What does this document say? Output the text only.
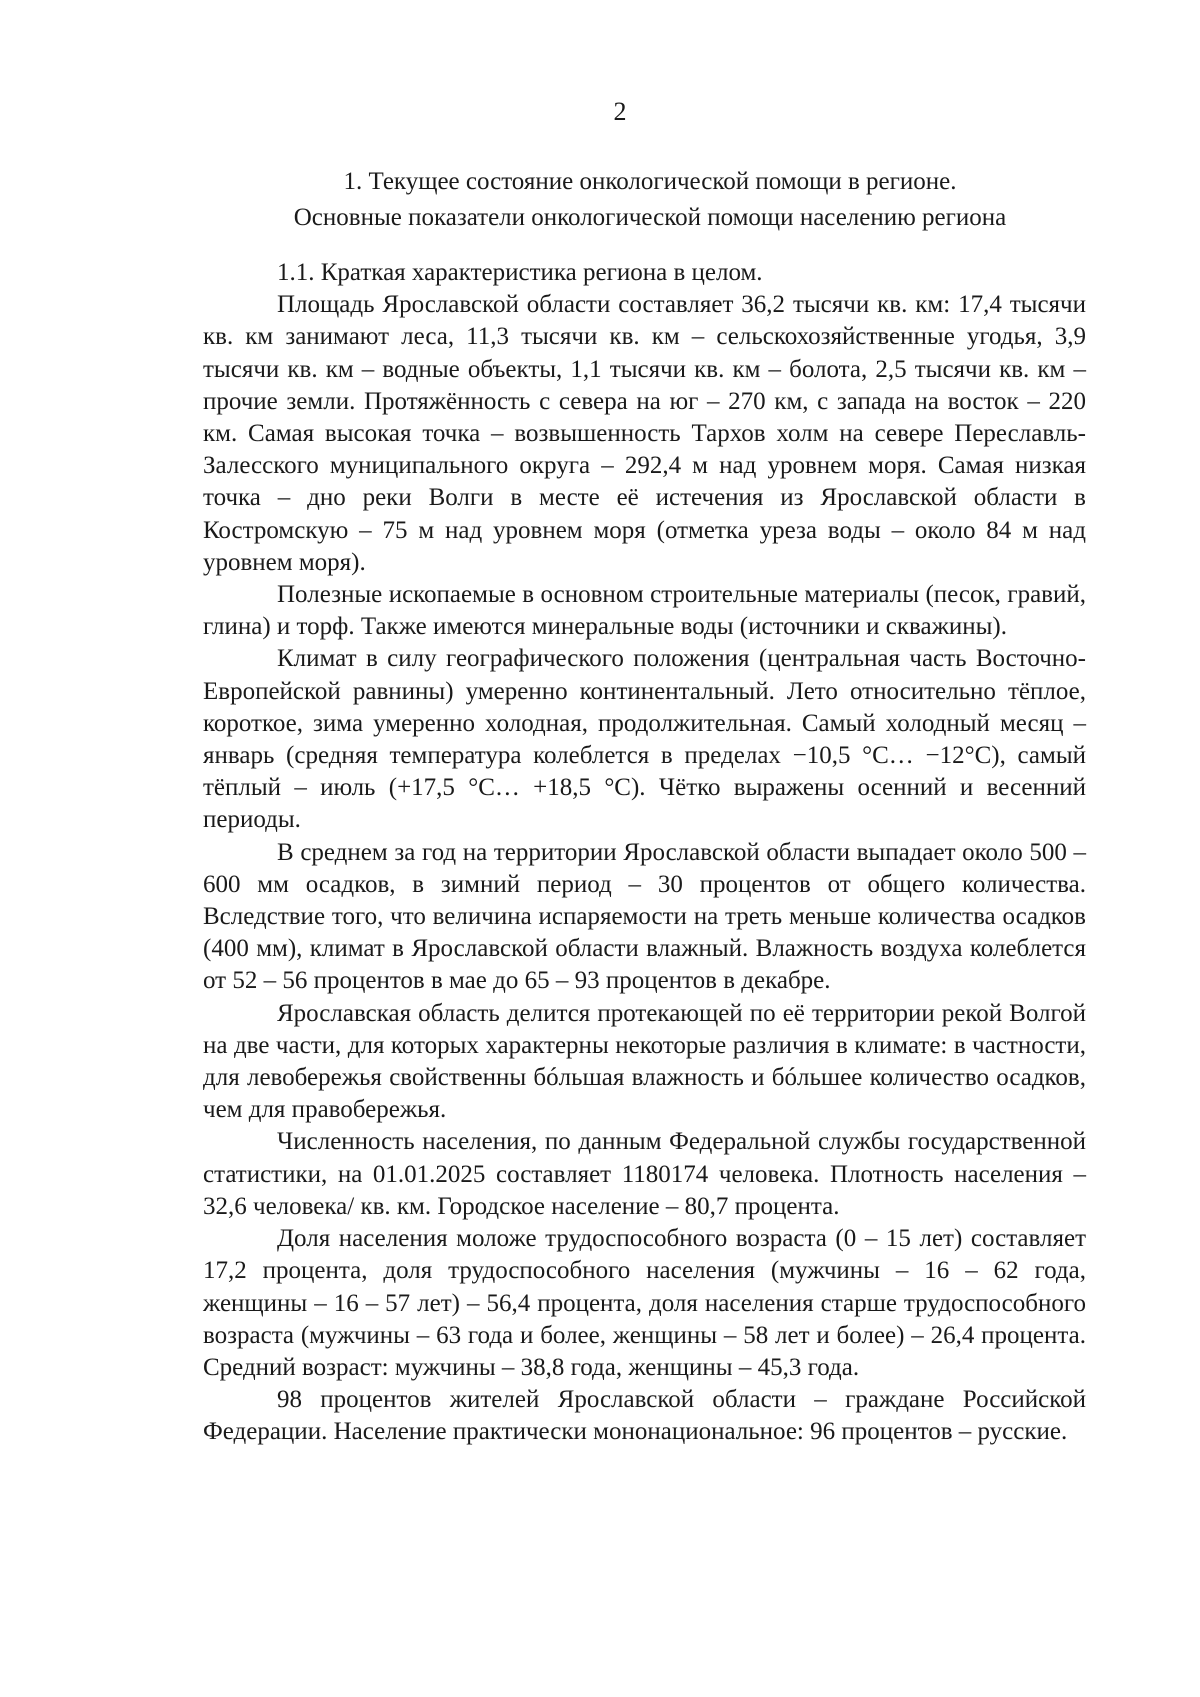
2
1. Текущее состояние онкологической помощи в регионе.
Основные показатели онкологической помощи населению региона

1.1. Краткая характеристика региона в целом.

Площадь Ярославской области составляет 36,2 тысячи кв. км: 17,4 тысячи кв. км занимают леса, 11,3 тысячи кв. км – сельскохозяйственные угодья, 3,9 тысячи кв. км – водные объекты, 1,1 тысячи кв. км – болота, 2,5 тысячи кв. км – прочие земли. Протяжённость с севера на юг – 270 км, с запада на восток – 220 км. Самая высокая точка – возвышенность Тархов холм на севере Переславль-Залесского муниципального округа – 292,4 м над уровнем моря. Самая низкая точка – дно реки Волги в месте её истечения из Ярославской области в Костромскую – 75 м над уровнем моря (отметка уреза воды – около 84 м над уровнем моря).

Полезные ископаемые в основном строительные материалы (песок, гравий, глина) и торф. Также имеются минеральные воды (источники и скважины).

Климат в силу географического положения (центральная часть Восточно-Европейской равнины) умеренно континентальный. Лето относительно тёплое, короткое, зима умеренно холодная, продолжительная. Самый холодный месяц – январь (средняя температура колеблется в пределах −10,5 °С… −12°С), самый тёплый – июль (+17,5 °С… +18,5 °С). Чётко выражены осенний и весенний периоды.

В среднем за год на территории Ярославской области выпадает около 500 – 600 мм осадков, в зимний период – 30 процентов от общего количества. Вследствие того, что величина испаряемости на треть меньше количества осадков (400 мм), климат в Ярославской области влажный. Влажность воздуха колеблется от 52 – 56 процентов в мае до 65 – 93 процентов в декабре.

Ярославская область делится протекающей по её территории рекой Волгой на две части, для которых характерны некоторые различия в климате: в частности, для левобережья свойственны бóльшая влажность и бóльшее количество осадков, чем для правобережья.

Численность населения, по данным Федеральной службы государственной статистики, на 01.01.2025 составляет 1180174 человека. Плотность населения – 32,6 человека/ кв. км. Городское население – 80,7 процента.

Доля населения моложе трудоспособного возраста (0 – 15 лет) составляет 17,2 процента, доля трудоспособного населения (мужчины – 16 – 62 года, женщины – 16 – 57 лет) – 56,4 процента, доля населения старше трудоспособного возраста (мужчины – 63 года и более, женщины – 58 лет и более) – 26,4 процента. Средний возраст: мужчины – 38,8 года, женщины – 45,3 года.

98 процентов жителей Ярославской области – граждане Российской Федерации. Население практически мононациональное: 96 процентов – русские.
